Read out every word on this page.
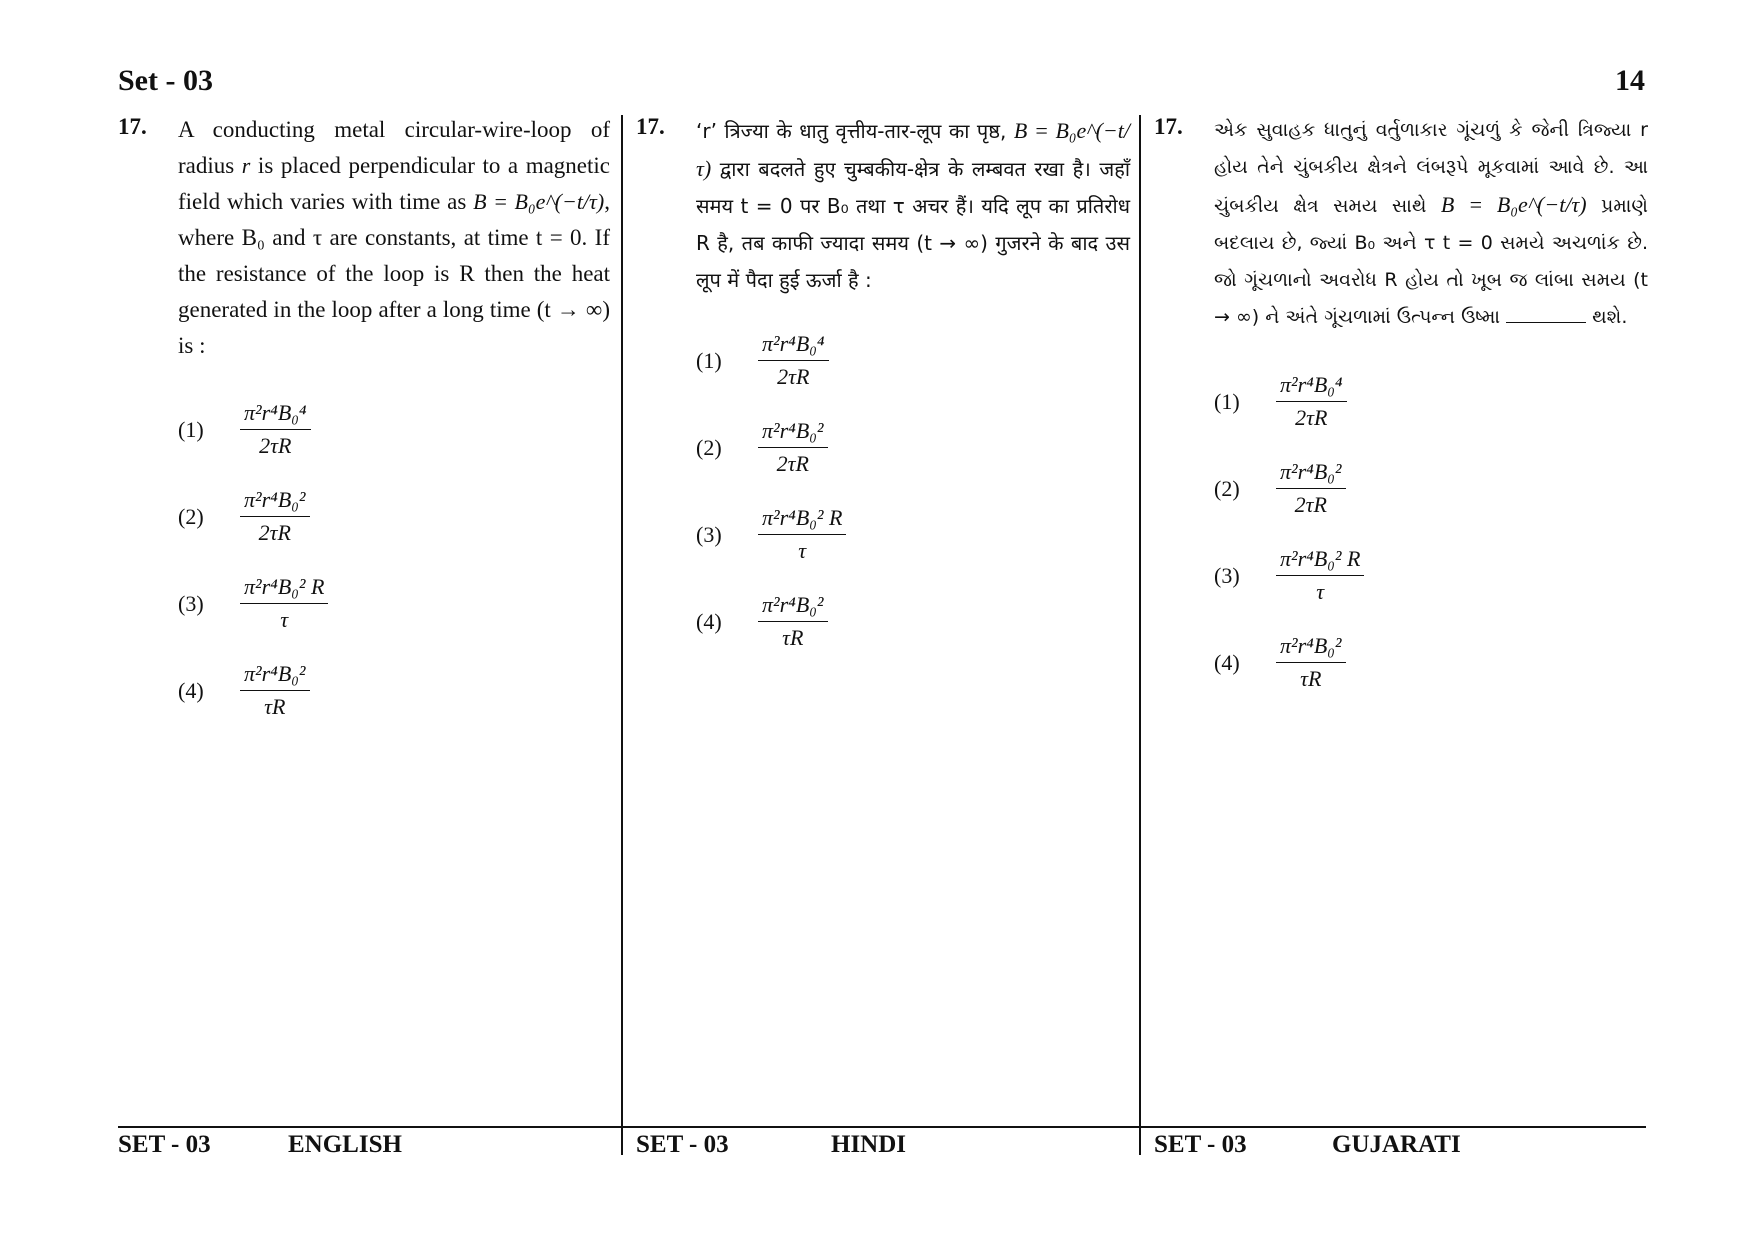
Set - 03	14
17.	A conducting metal circular-wire-loop of radius r is placed perpendicular to a magnetic field which varies with time as B = B₀e^(−t/τ), where B₀ and τ are constants, at time t = 0. If the resistance of the loop is R then the heat generated in the loop after a long time (t → ∞) is :
(1)	$\frac{\text{π²r⁴B₀⁴}}{2\tau R}$
(2)	$\frac{\text{π²r⁴B₀²}}{2\tau R}$
(3)	$\frac{\text{π²r⁴B₀² R}}{\tau}$
(4)	$\frac{\text{π²r⁴B₀²}}{\tau R}$
17.	‘r’ त्रिज्या के धातु वृत्तीय-तार-लूप का पृष्ठ, B = B₀e^(−t/τ) द्वारा बदलते हुए चुम्बकीय-क्षेत्र के लम्बवत रखा है। जहाँ समय t = 0 पर B₀ तथा τ अचर हैं। यदि लूप का प्रतिरोध R है, तब काफी ज्यादा समय (t → ∞) गुजरने के बाद उस लूप में पैदा हुई ऊर्जा है :
(1)	$\frac{\text{π²r⁴B₀⁴}}{2\tau R}$
(2)	$\frac{\text{π²r⁴B₀²}}{2\tau R}$
(3)	$\frac{\text{π²r⁴B₀² R}}{\tau}$
(4)	$\frac{\text{π²r⁴B₀²}}{\tau R}$
17.	એક સુવાહક ધાતુનું વર્તુળાકાર ગૂંચળું કે જેની ત્રિજ્યા r હોય તેને ચુંબકીય ક્ષેત્રને લંબરૂપે મૂકવામાં આવે છે. આ ચુંબકીય ક્ષેત્ર સમય સાથે B = B₀e^(−t/τ) પ્રમાણે બદલાય છે, જ્યાં B₀ અને τ t = 0 સમયે અચળાંક છે. જો ગૂંચળાનો અવરોધ R હોય તો ખૂબ જ લાંબા સમય (t → ∞) ને અંતે ગૂંચળામાં ઉત્પન્ન ઉષ્મા	થશે.
(1)	$\frac{\text{π²r⁴B₀⁴}}{2\tau R}$
(2)	$\frac{\text{π²r⁴B₀²}}{2\tau R}$
(3)	$\frac{\text{π²r⁴B₀² R}}{\tau}$
(4)	$\frac{\text{π²r⁴B₀²}}{\tau R}$
SET - 03	ENGLISH	SET - 03	HINDI	SET - 03	GUJARATI
